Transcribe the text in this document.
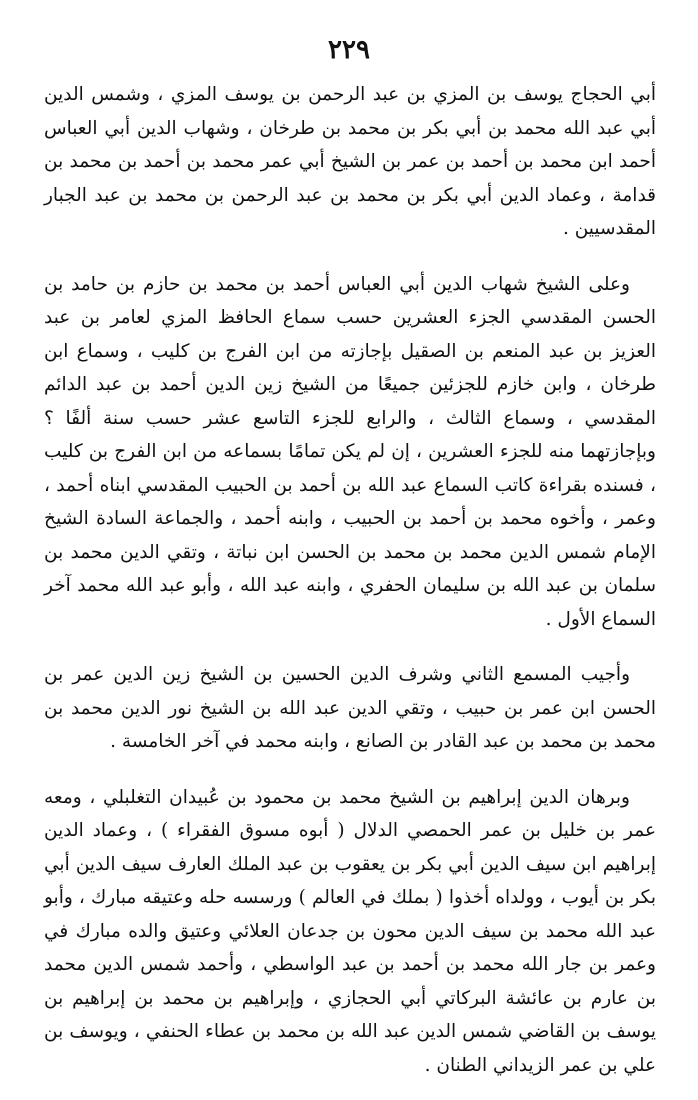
٢٢٩

أبي الحجاج يوسف بن المزي بن عبد الرحمن بن يوسف المزي ، وشمس الدين أبي عبد الله محمد بن أبي بكر بن محمد بن طرخان ، وشهاب الدين أبي العباس أحمد ابن محمد بن أحمد بن عمر بن الشيخ أبي عمر محمد بن أحمد بن محمد بن قدامة ، وعماد الدين أبي بكر بن محمد بن عبد الرحمن بن محمد بن عبد الجبار المقدسيين .

وعلى الشيخ شهاب الدين أبي العباس أحمد بن محمد بن حازم بن حامد بن الحسن المقدسي الجزء العشرين حسب سماع الحافظ المزي لعامر بن عبد العزيز بن عبد المنعم بن الصقيل بإجازته من ابن الفرج بن كليب ، وسماع ابن طرخان ، وابن خازم للجزئين جميعًا من الشيخ زين الدين أحمد بن عبد الدائم المقدسي ، وسماع الثالث ، والرابع للجزء التاسع عشر حسب سنة ألفًا ؟ وبإجازتهما منه للجزء العشرين ، إن لم يكن تمامًا بسماعه من ابن الفرج بن كليب ، فسنده بقراءة كاتب السماع عبد الله بن أحمد بن الحبيب المقدسي ابناه أحمد ، وعمر ، وأخوه محمد بن أحمد بن الحبيب ، وابنه أحمد ، والجماعة السادة الشيخ الإمام شمس الدين محمد بن محمد بن الحسن ابن نباتة ، وتقي الدين محمد بن سلمان بن عبد الله بن سليمان الحفري ، وابنه عبد الله ، وأبو عبد الله محمد آخر السماع الأول .

وأجيب المسمع الثاني وشرف الدين الحسين بن الشيخ زين الدين عمر بن الحسن ابن عمر بن حبيب ، وتقي الدين عبد الله بن الشيخ نور الدين محمد بن محمد بن محمد بن عبد القادر بن الصانع ، وابنه محمد في آخر الخامسة .

وبرهان الدين إبراهيم بن الشيخ محمد بن محمود بن عُبيدان التغلبلي ، ومعه عمر بن خليل بن عمر الحمصي الدلال ( أبوه مسوق الفقراء ) ، وعماد الدين إبراهيم ابن سيف الدين أبي بكر بن يعقوب بن عبد الملك العارف سيف الدين أبي بكر بن أيوب ، وولداه أخذوا ( بملك في العالم ) ورسسه حله وعتيقه مبارك ، وأبو عبد الله محمد بن سيف الدين محون بن جدعان العلائي وعتيق والده مبارك في وعمر بن جار الله محمد بن أحمد بن عبد الواسطي ، وأحمد شمس الدين محمد بن عارم بن عائشة البركاتي أبي الحجازي ، وإبراهيم بن محمد بن إبراهيم بن يوسف بن القاضي شمس الدين عبد الله بن محمد بن عطاء الحنفي ، ويوسف بن علي بن عمر الزيداني الطنان .
